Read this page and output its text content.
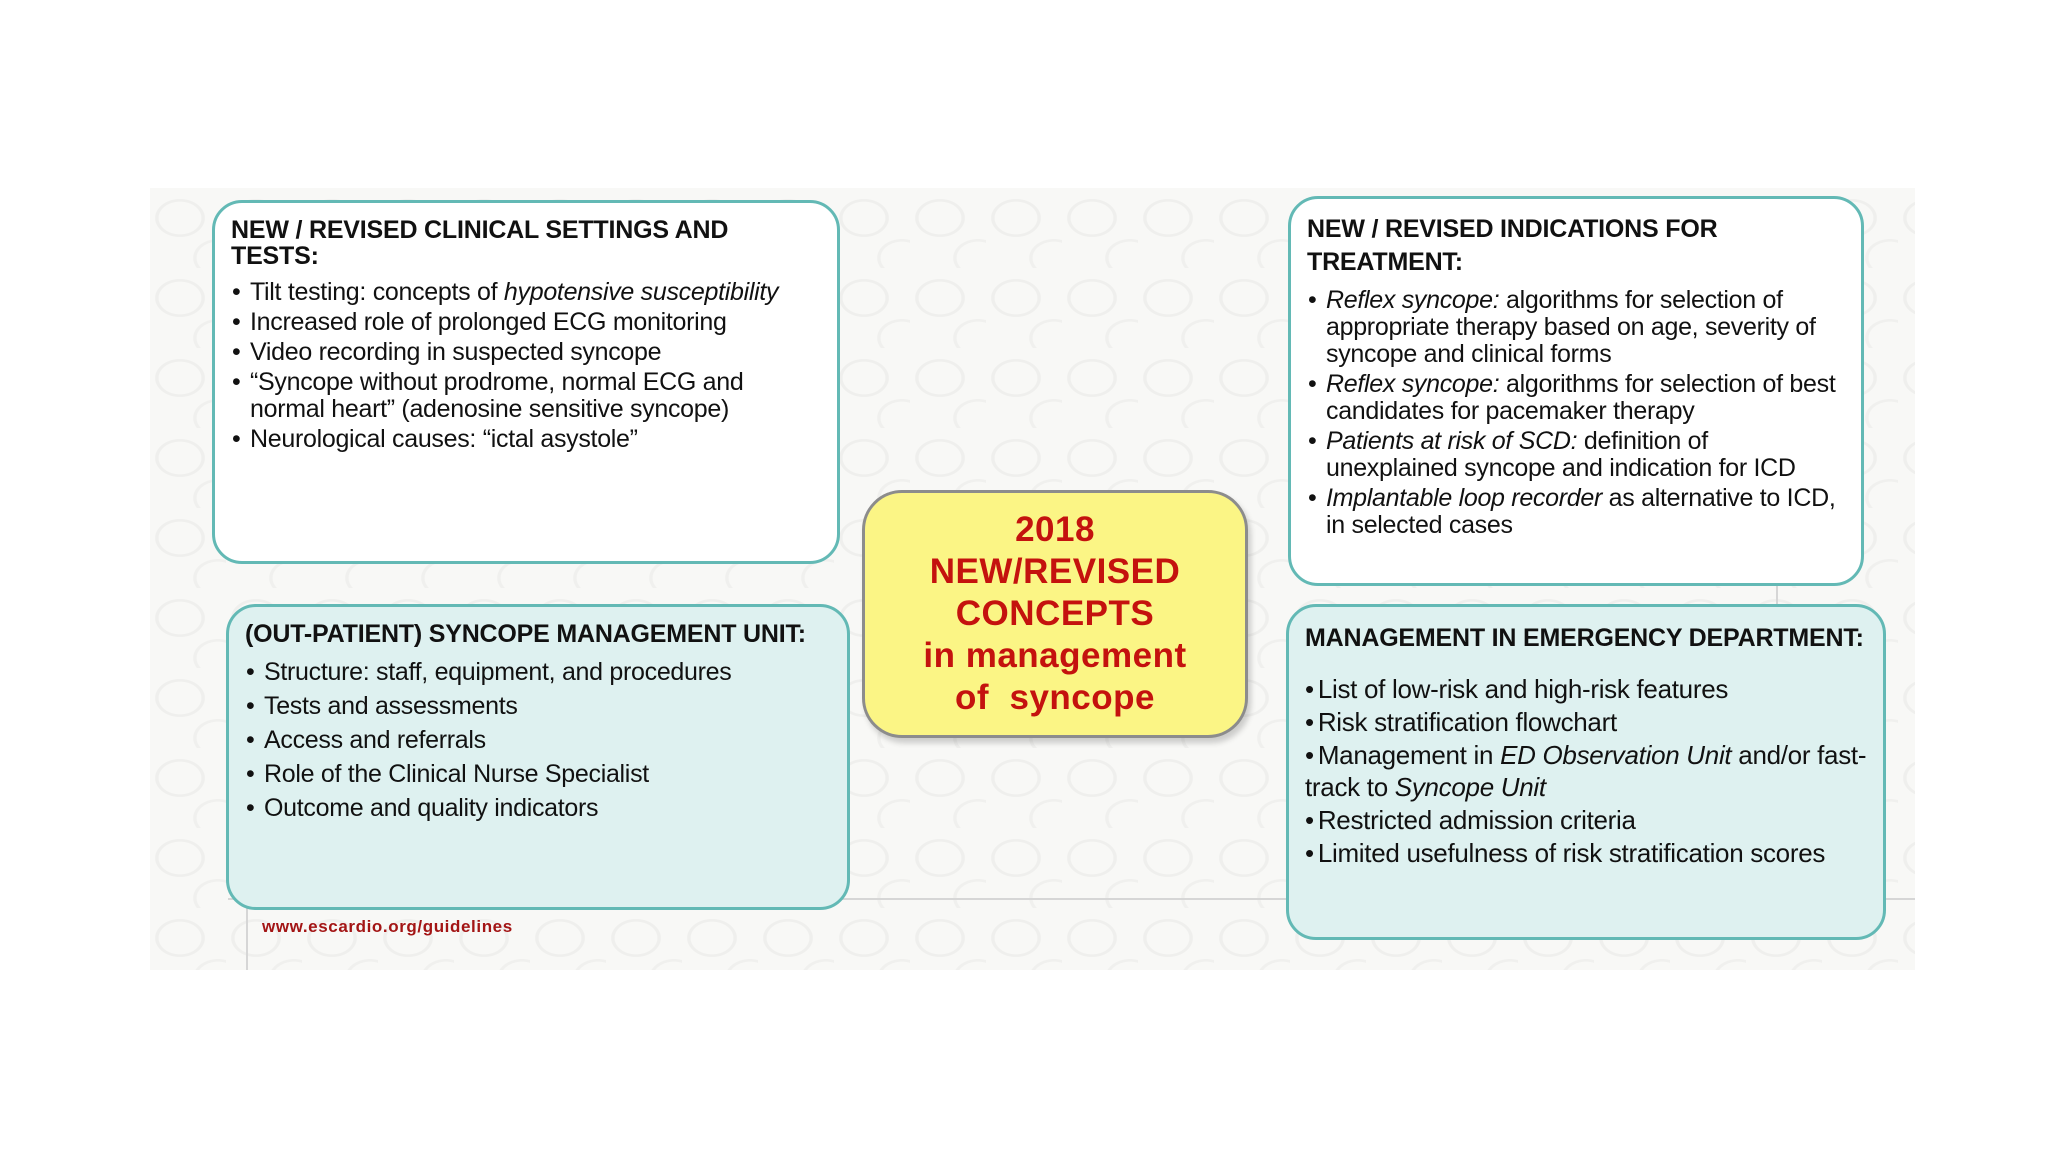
NEW / REVISED CLINICAL SETTINGS AND TESTS:
• Tilt testing: concepts of hypotensive susceptibility
• Increased role of prolonged ECG monitoring
• Video recording in suspected syncope
• “Syncope without prodrome, normal ECG and normal heart” (adenosine sensitive syncope)
• Neurological causes: “ictal asystole”
NEW / REVISED INDICATIONS FOR TREATMENT:
• Reflex syncope: algorithms for selection of appropriate therapy based on age, severity of syncope and clinical forms
• Reflex syncope: algorithms for selection of best candidates for pacemaker therapy
• Patients at risk of SCD: definition of unexplained syncope and indication for ICD
• Implantable loop recorder as alternative to ICD, in selected cases
(OUT-PATIENT) SYNCOPE MANAGEMENT UNIT:
• Structure: staff, equipment, and procedures
• Tests and assessments
• Access and referrals
• Role of the Clinical Nurse Specialist
• Outcome and quality indicators
MANAGEMENT IN EMERGENCY DEPARTMENT:
• List of low-risk and high-risk features
• Risk stratification flowchart
• Management in ED Observation Unit and/or fast-track to Syncope Unit
• Restricted admission criteria
• Limited usefulness of risk stratification scores
2018
NEW/REVISED
CONCEPTS
in management
of  syncope
www.escardio.org/guidelines
